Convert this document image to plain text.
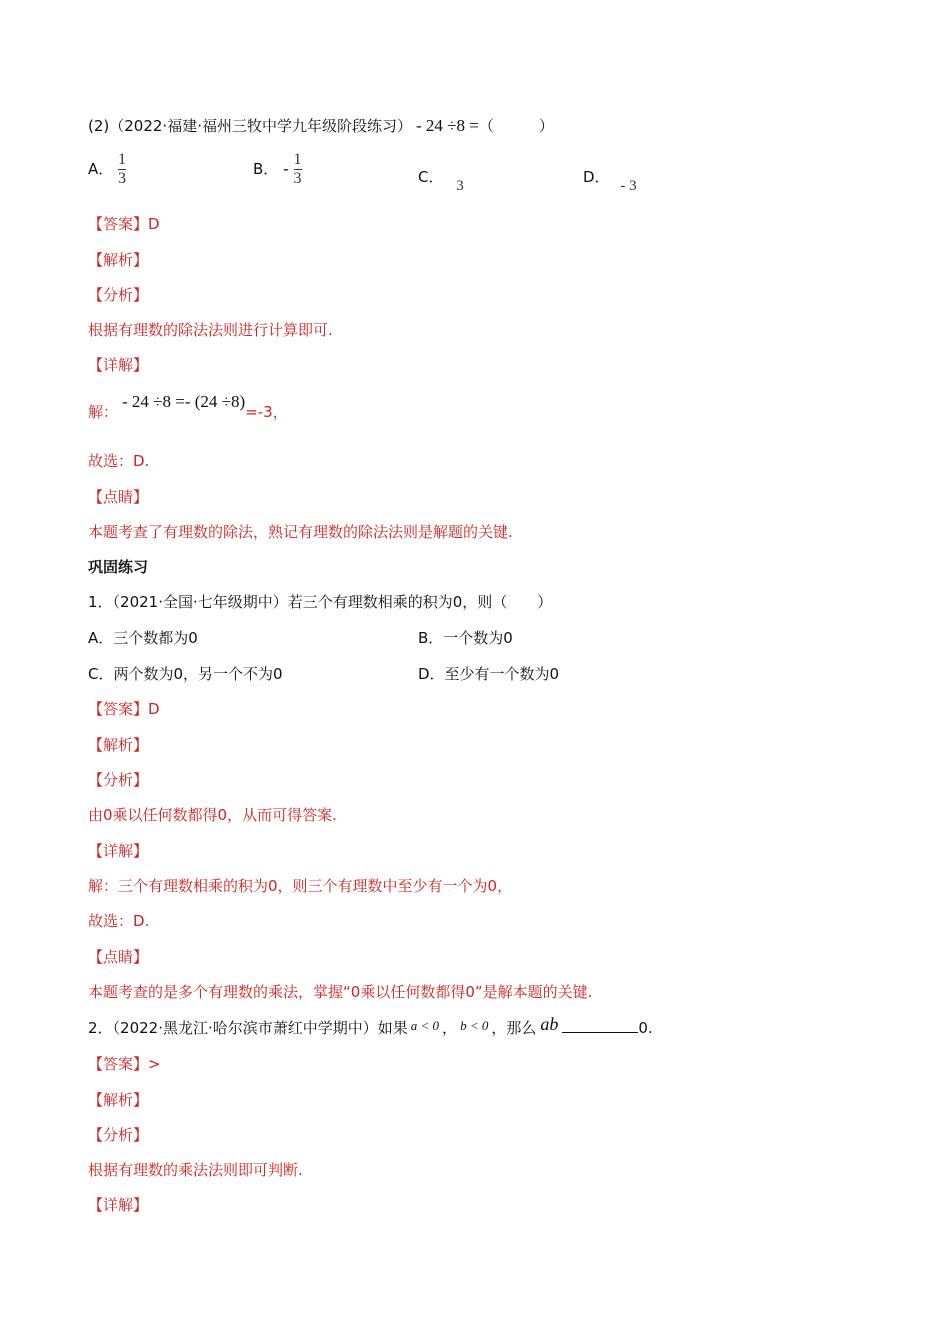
(2)（2022·福建·福州三牧中学九年级阶段练习） - 24 ÷8 =（　　　）
A． $\frac{1}{3}$	B． - $\frac{1}{3}$	C． 3	D． - 3
【答案】D
【解析】
【分析】
根据有理数的除法法则进行计算即可.
【详解】
解：- 24 ÷8 =- (24 ÷8)=-3，
故选：D.
【点睛】
本题考查了有理数的除法，熟记有理数的除法法则是解题的关键.
巩固练习
1．（2021·全国·七年级期中）若三个有理数相乘的积为0，则（　　）
A．三个数都为0	B．一个数为0
C．两个数为0，另一个不为0	D．至少有一个数为0
【答案】D
【解析】
【分析】
由0乘以任何数都得0，从而可得答案.
【详解】
解：三个有理数相乘的积为0，则三个有理数中至少有一个为0，
故选：D.
【点睛】
本题考查的是多个有理数的乘法，掌握“0乘以任何数都得0”是解本题的关键.
2．（2022·黑龙江·哈尔滨市萧红中学期中）如果 a < 0 ， b < 0 ，那么 ab	0.
【答案】>
【解析】
【分析】
根据有理数的乘法法则即可判断.
【详解】
